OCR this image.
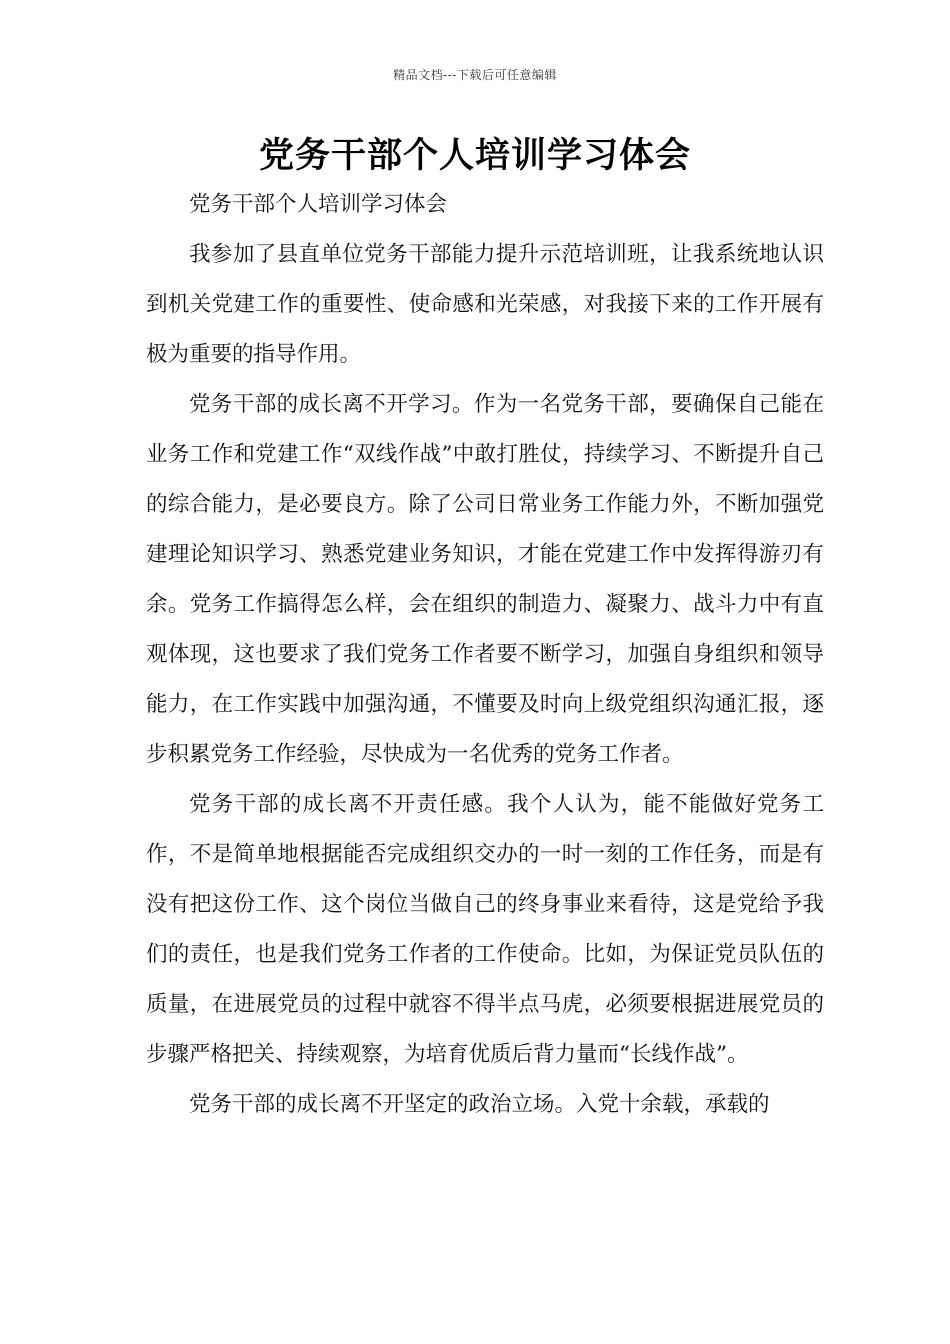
精品文档---下载后可任意编辑
党务干部个人培训学习体会

党务干部个人培训学习体会

我参加了县直单位党务干部能力提升示范培训班，让我系统地认识到机关党建工作的重要性、使命感和光荣感，对我接下来的工作开展有极为重要的指导作用。

党务干部的成长离不开学习。作为一名党务干部，要确保自己能在业务工作和党建工作“双线作战”中敢打胜仗，持续学习、不断提升自己的综合能力，是必要良方。除了公司日常业务工作能力外，不断加强党建理论知识学习、熟悉党建业务知识，才能在党建工作中发挥得游刃有余。党务工作搞得怎么样，会在组织的制造力、凝聚力、战斗力中有直观体现，这也要求了我们党务工作者要不断学习，加强自身组织和领导能力，在工作实践中加强沟通，不懂要及时向上级党组织沟通汇报，逐步积累党务工作经验，尽快成为一名优秀的党务工作者。

党务干部的成长离不开责任感。我个人认为，能不能做好党务工作，不是简单地根据能否完成组织交办的一时一刻的工作任务，而是有没有把这份工作、这个岗位当做自己的终身事业来看待，这是党给予我们的责任，也是我们党务工作者的工作使命。比如，为保证党员队伍的质量，在进展党员的过程中就容不得半点马虎，必须要根据进展党员的步骤严格把关、持续观察，为培育优质后背力量而“长线作战”。

党务干部的成长离不开坚定的政治立场。入党十余载，承载的
